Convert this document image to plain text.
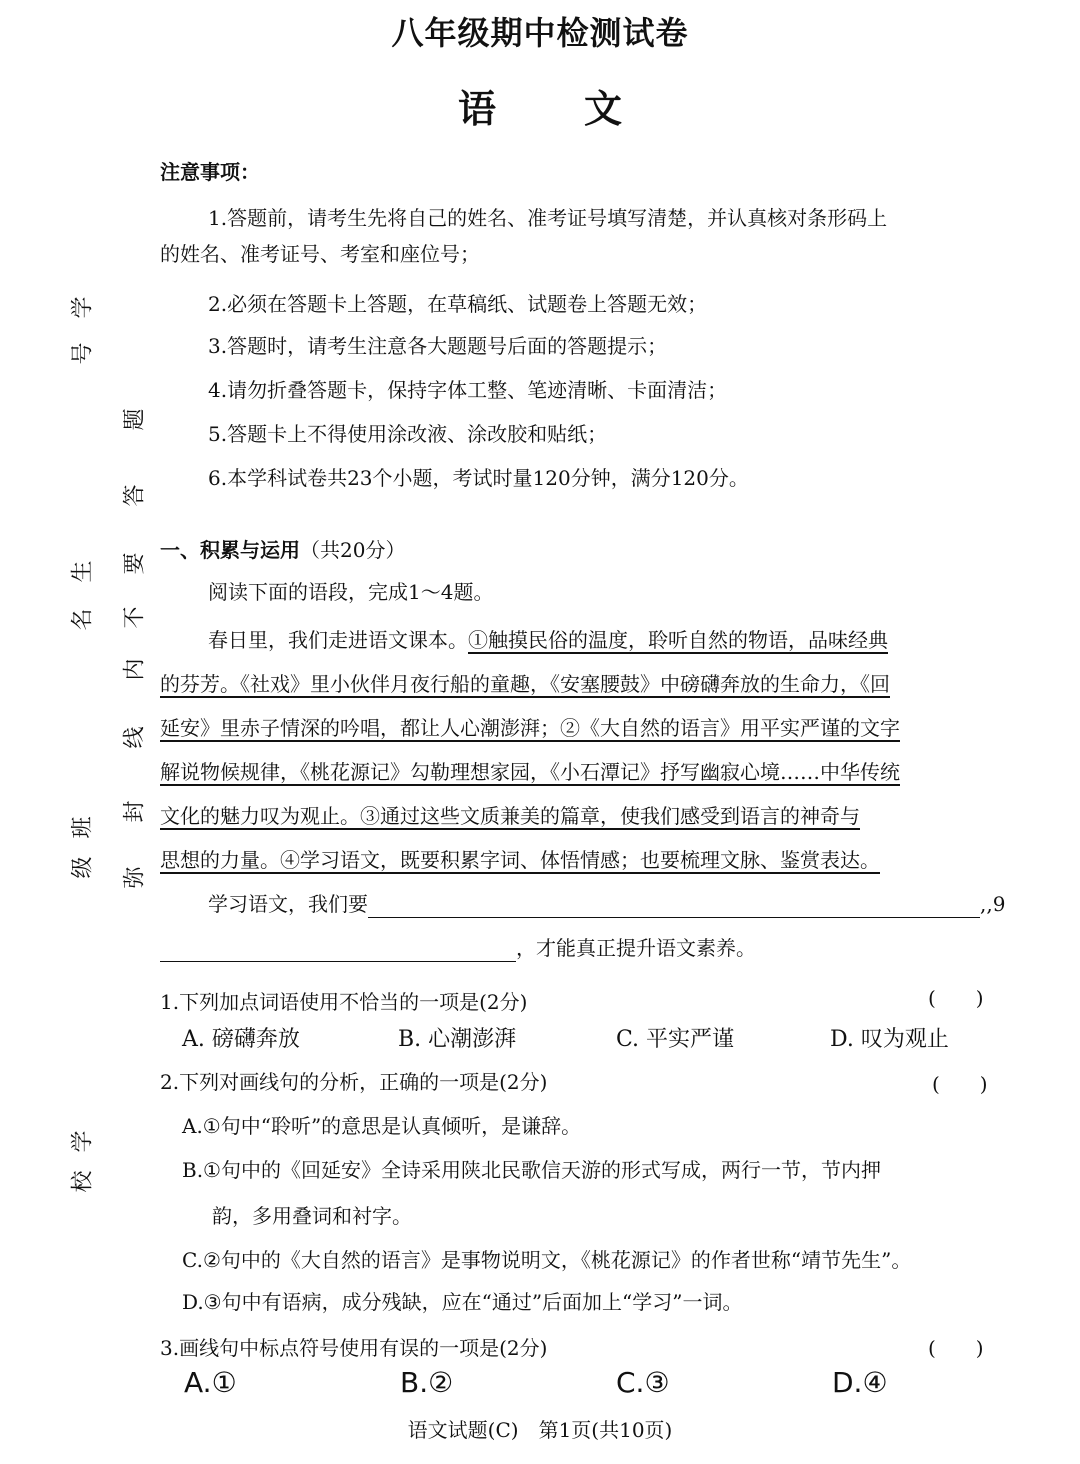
八年级期中检测试卷
语 文
学
号
生
名
班
级
学
校
题
答
要
不
内
线
封
弥
注意事项：
1.答题前，请考生先将自己的姓名、准考证号填写清楚，并认真核对条形码上
的姓名、准考证号、考室和座位号；
2.必须在答题卡上答题，在草稿纸、试题卷上答题无效；
3.答题时，请考生注意各大题题号后面的答题提示；
4.请勿折叠答题卡，保持字体工整、笔迹清晰、卡面清洁；
5.答题卡上不得使用涂改液、涂改胶和贴纸；
6.本学科试卷共23个小题，考试时量120分钟，满分120分。
一、积累与运用（共20分）
阅读下面的语段，完成1～4题。
春日里，我们走进语文课本。①触摸民俗的温度，聆听自然的物语，品味经典
的芬芳。《社戏》里小伙伴月夜行船的童趣，《安塞腰鼓》中磅礴奔放的生命力，《回
延安》里赤子情深的吟唱，都让人心潮澎湃；②《大自然的语言》用平实严谨的文字
解说物候规律，《桃花源记》勾勒理想家园，《小石潭记》抒写幽寂心境……中华传统
文化的魅力叹为观止。③通过这些文质兼美的篇章，使我们感受到语言的神奇与
思想的力量。④学习语文，既要积累字词、体悟情感；也要梳理文脉、鉴赏表达。
学习语文，我们要	,,9
，才能真正提升语文素养。
1.下列加点词语使用不恰当的一项是(2分)	(　　)
A. 磅礴奔放	B. 心潮澎湃	C. 平实严谨	D. 叹为观止
2.下列对画线句的分析，正确的一项是(2分)	(　　)
A.①句中“聆听”的意思是认真倾听，是谦辞。
B.①句中的《回延安》全诗采用陕北民歌信天游的形式写成，两行一节，节内押
韵，多用叠词和衬字。
C.②句中的《大自然的语言》是事物说明文，《桃花源记》的作者世称“靖节先生”。
D.③句中有语病，成分残缺，应在“通过”后面加上“学习”一词。
3.画线句中标点符号使用有误的一项是(2分)	(　　)
A.①	B.②	C.③	D.④
语文试题(C)　第1页(共10页)
